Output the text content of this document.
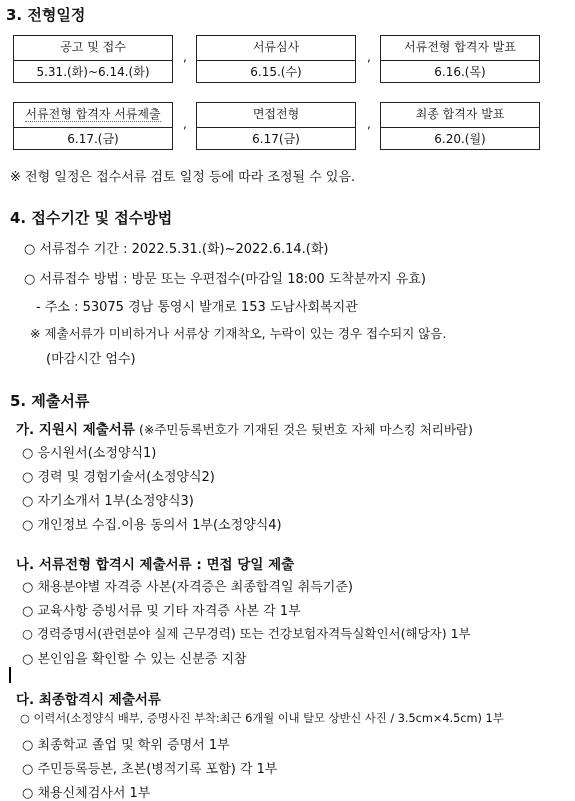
3. 전형일정
공고 및 접수
5.31.(화)~6.14.(화)
,
서류심사
6.15.(수)
,
서류전형 합격자 발표
6.16.(목)
서류전형 합격자 서류제출
6.17.(금)
,
면접전형
6.17(금)
,
최종 합격자 발표
6.20.(월)
※ 전형 일정은 접수서류 검토 일정 등에 따라 조정될 수 있음.
4. 접수기간 및 접수방법
○ 서류접수 기간 : 2022.5.31.(화)~2022.6.14.(화)
○ 서류접수 방법 : 방문 또는 우편접수(마감일 18:00 도착분까지 유효)
- 주소 : 53075 경남 통영시 발개로 153 도남사회복지관
※ 제출서류가 미비하거나 서류상 기재착오, 누락이 있는 경우 접수되지 않음.
(마감시간 엄수)
5. 제출서류
가. 지원시 제출서류 (※주민등록번호가 기재된 것은 뒷번호 자체 마스킹 처리바람)
○ 응시원서(소정양식1)
○ 경력 및 경험기술서(소정양식2)
○ 자기소개서 1부(소정양식3)
○ 개인정보 수집.이용 동의서 1부(소정양식4)
나. 서류전형 합격시 제출서류 : 면접 당일 제출
○ 채용분야별 자격증 사본(자격증은 최종합격일 취득기준)
○ 교육사항 증빙서류 및 기타 자격증 사본 각 1부
○ 경력증명서(관련분야 실제 근무경력) 또는 건강보험자격득실확인서(해당자) 1부
○ 본인임을 확인할 수 있는 신분증 지참
다. 최종합격시 제출서류
○ 이력서(소정양식 배부, 증명사진 부착:최근 6개월 이내 탈모 상반신 사진 / 3.5cm×4.5cm) 1부
○ 최종학교 졸업 및 학위 증명서 1부
○ 주민등록등본, 초본(병적기록 포함) 각 1부
○ 채용신체검사서 1부
